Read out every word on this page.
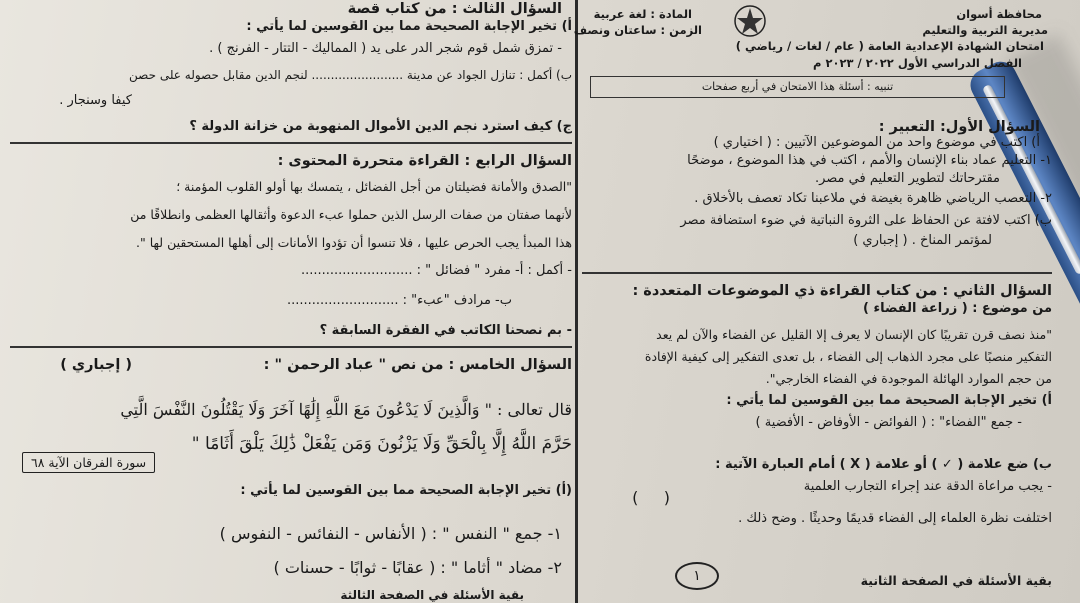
محافظة أسوان
مديرية التربية والتعليم
امتحان الشهادة الإعدادية العامة ( عام / لغات / رياضي )
الفصل الدراسي الأول ٢٠٢٢ / ٢٠٢٣ م
المادة : لغة عربية
الزمن : ساعتان ونصف
السؤال الأول: التعبير :
أ) اكتب في موضوع واحد من الموضوعين الآتيين : ( اختياري )
١- التعليم عماد بناء الإنسان والأمم ، اكتب في هذا الموضوع ، موضحًا
مقترحاتك لتطوير التعليم في مصر.
٢- التعصب الرياضي ظاهرة بغيضة في ملاعبنا تكاد تعصف بالأخلاق .
ب) اكتب لافتة عن الحفاظ على الثروة النباتية في ضوء استضافة مصر
لمؤتمر المناخ . ( إجباري )
السؤال الثاني : من كتاب القراءة ذي الموضوعات المتعددة :
من موضوع : ( زراعة الفضاء )
"منذ نصف قرن تقريبًا كان الإنسان لا يعرف إلا القليل عن الفضاء والآن لم يعد
التفكير منصبًا على مجرد الذهاب إلى الفضاء ، بل تعدى التفكير إلى كيفية الإفادة
من حجم الموارد الهائلة الموجودة في الفضاء الخارجي".
أ) تخير الإجابة الصحيحة مما بين القوسين لما يأتي :
- جمع "الفضاء" : ( الفوائض - الأوفاض - الأفضية )
ب) ضع علامة ( ✓ ) أو علامة ( X ) أمام العبارة الآتية :
- يجب مراعاة الدقة عند إجراء التجارب العلمية
(     )
اختلفت نظرة العلماء إلى الفضاء قديمًا وحديثًا . وضح ذلك .
بقية الأسئلة في الصفحة الثانية
تنبيه : أسئلة هذا الامتحان في أربع صفحات
١
السؤال الثالث : من كتاب قصة
أ) تخير الإجابة الصحيحة مما بين القوسين لما يأتي :
- تمزق شمل قوم شجر الدر على يد ( المماليك - التتار - الفرنج ) .
ب) أكمل : تنازل الجواد عن مدينة ........................ لنجم الدين مقابل حصوله على حصن
كيفا وسنجار .
ج) كيف استرد نجم الدين الأموال المنهوبة من خزانة الدولة ؟
السؤال الرابع : القراءة متحررة المحتوى :
"الصدق والأمانة فضيلتان من أجل الفضائل ، يتمسك بها أولو القلوب المؤمنة ؛
لأنهما صفتان من صفات الرسل الذين حملوا عبء الدعوة وأثقالها العظمى وانطلاقًا من
هذا المبدأ يجب الحرص عليها ، فلا تنسوا أن تؤدوا الأمانات إلى أهلها المستحقين لها ".
- أكمل : أ- مفرد " فضائل " : ...........................
ب- مرادف "عبء" : ...........................
- بم نصحنا الكاتب في الفقرة السابقة ؟
السؤال الخامس : من نص " عباد الرحمن " :
( إجباري )
قال تعالى : " وَالَّذِينَ لَا يَدْعُونَ مَعَ اللَّهِ إِلَٰهًا آخَرَ وَلَا يَقْتُلُونَ النَّفْسَ الَّتِي
حَرَّمَ اللَّهُ إِلَّا بِالْحَقِّ وَلَا يَزْنُونَ وَمَن يَفْعَلْ ذَٰلِكَ يَلْقَ أَثَامًا "
سورة الفرقان الآية ٦٨
(أ) تخير الإجابة الصحيحة مما بين القوسين لما يأتي :
١- جمع " النفس " : ( الأنفاس - النفائس - النفوس )
٢- مضاد " أثاما " : ( عقابًا - ثوابًا - حسنات )
بقية الأسئلة في الصفحة الثالثة
